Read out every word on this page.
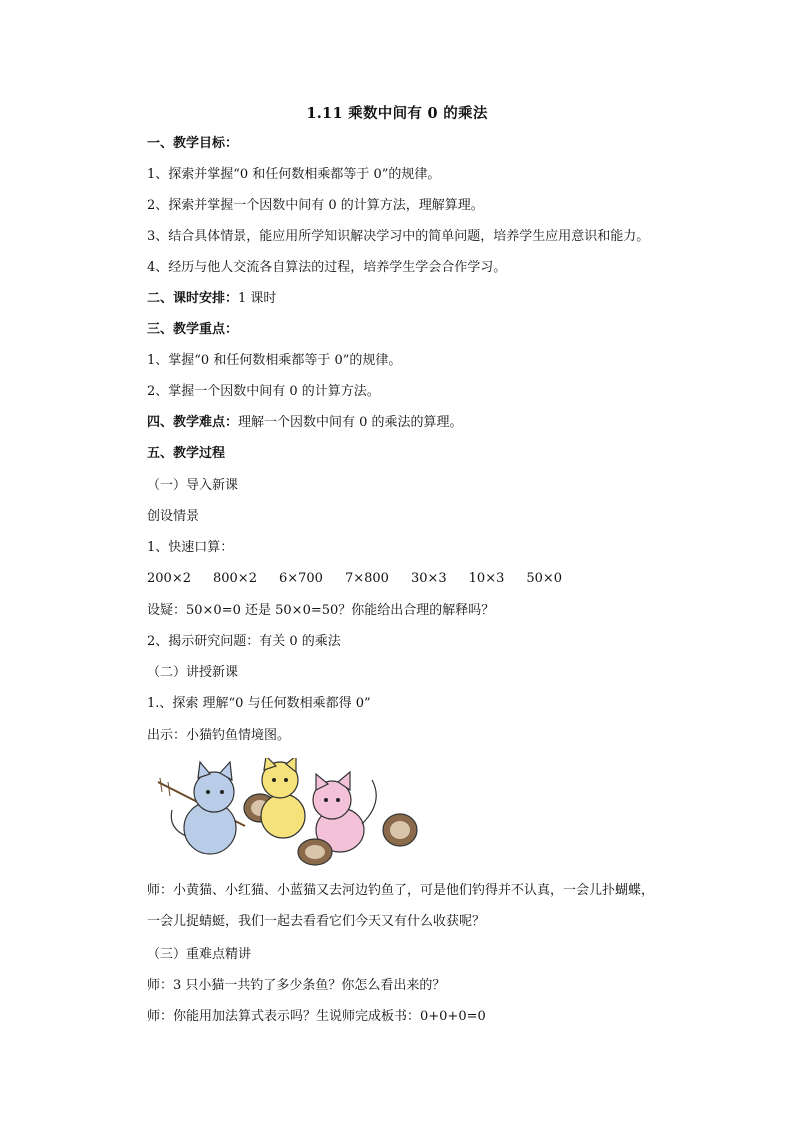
1.11 乘数中间有 0 的乘法
一、教学目标：
1、探索并掌握“0 和任何数相乘都等于 0”的规律。
2、探索并掌握一个因数中间有 0 的计算方法，理解算理。
3、结合具体情景，能应用所学知识解决学习中的简单问题，培养学生应用意识和能力。
4、经历与他人交流各自算法的过程，培养学生学会合作学习。
二、课时安排：1 课时
三、教学重点：
1、掌握“0 和任何数相乘都等于 0”的规律。
2、掌握一个因数中间有 0 的计算方法。
四、教学难点：理解一个因数中间有 0 的乘法的算理。
五、教学过程
（一）导入新课
创设情景
1、快速口算：
200×2 800×2 6×700 7×800 30×3 10×3 50×0
设疑：50×0=0 还是 50×0=50？你能给出合理的解释吗？
2、揭示研究问题：有关 0 的乘法
（二）讲授新课
1.、探索 理解“0 与任何数相乘都得 0”
出示：小猫钓鱼情境图。
师：小黄猫、小红猫、小蓝猫又去河边钓鱼了，可是他们钓得并不认真，一会儿扑蝴蝶，一会儿捉蜻蜓，我们一起去看看它们今天又有什么收获呢？
（三）重难点精讲
师：3 只小猫一共钓了多少条鱼？你怎么看出来的？
师：你能用加法算式表示吗？生说师完成板书：0+0+0=0
